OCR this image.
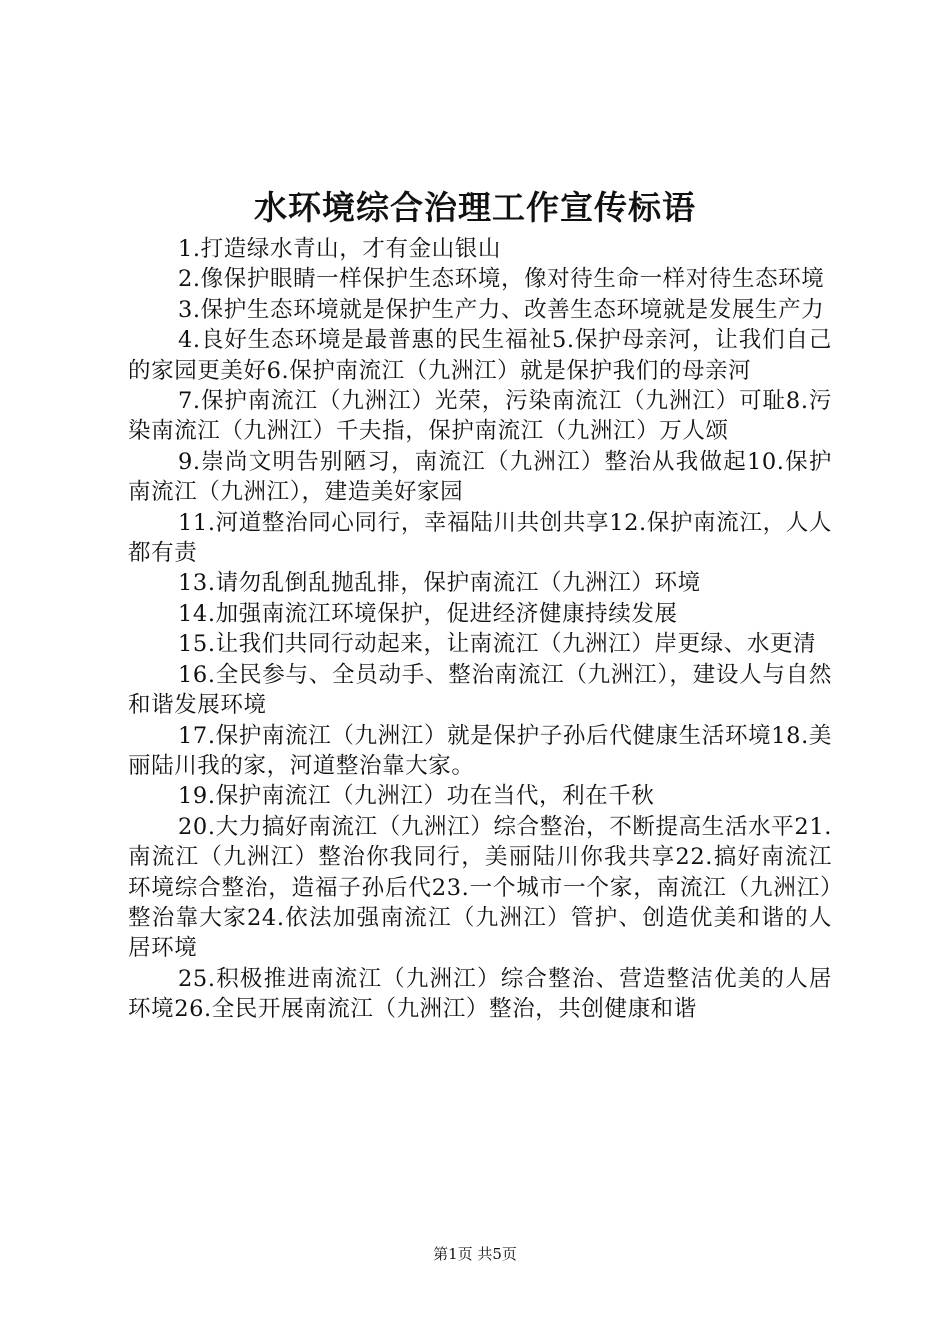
水环境综合治理工作宣传标语

1.打造绿水青山，才有金山银山

2.像保护眼睛一样保护生态环境，像对待生命一样对待生态环境

3.保护生态环境就是保护生产力、改善生态环境就是发展生产力

4.良好生态环境是最普惠的民生福祉5.保护母亲河，让我们自己的家园更美好6.保护南流江（九洲江）就是保护我们的母亲河

7.保护南流江（九洲江）光荣，污染南流江（九洲江）可耻8.污染南流江（九洲江）千夫指，保护南流江（九洲江）万人颂

9.崇尚文明告别陋习，南流江（九洲江）整治从我做起10.保护南流江（九洲江），建造美好家园

11.河道整治同心同行，幸福陆川共创共享12.保护南流江，人人都有责

13.请勿乱倒乱抛乱排，保护南流江（九洲江）环境

14.加强南流江环境保护，促进经济健康持续发展

15.让我们共同行动起来，让南流江（九洲江）岸更绿、水更清

16.全民参与、全员动手、整治南流江（九洲江），建设人与自然和谐发展环境

17.保护南流江（九洲江）就是保护子孙后代健康生活环境18.美丽陆川我的家，河道整治靠大家。

19.保护南流江（九洲江）功在当代，利在千秋

20.大力搞好南流江（九洲江）综合整治，不断提高生活水平21.南流江（九洲江）整治你我同行，美丽陆川你我共享22.搞好南流江环境综合整治，造福子孙后代23.一个城市一个家，南流江（九洲江）整治靠大家24.依法加强南流江（九洲江）管护、创造优美和谐的人居环境

25.积极推进南流江（九洲江）综合整治、营造整洁优美的人居环境26.全民开展南流江（九洲江）整治，共创健康和谐

第1页 共5页
